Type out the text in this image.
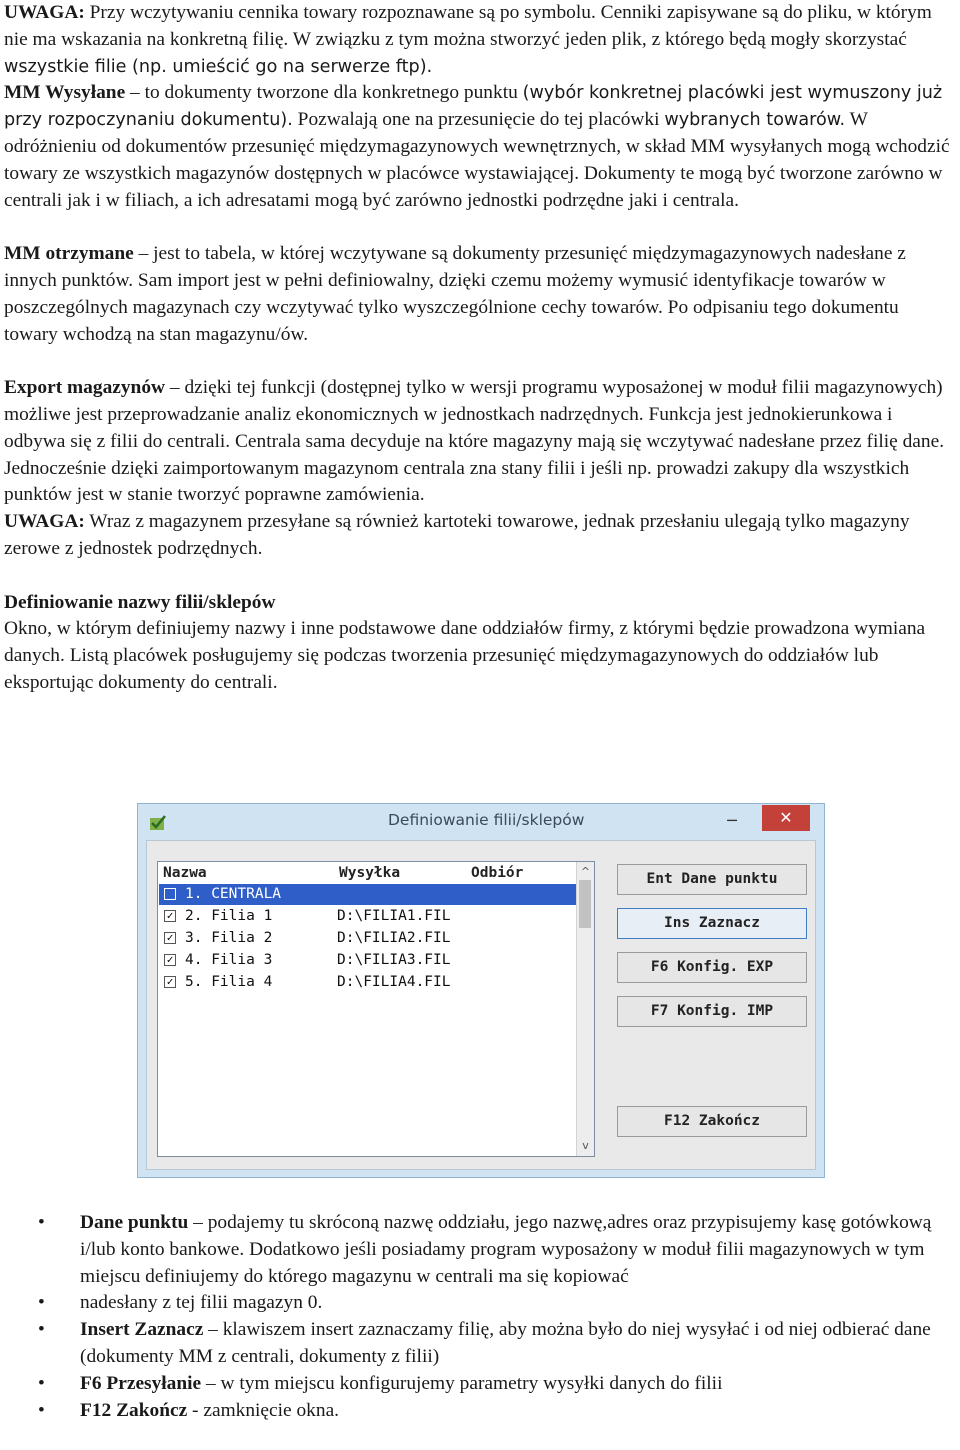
UWAGA: Przy wczytywaniu cennika towary rozpoznawane są po symbolu. Cenniki zapisywane są do pliku, w którym nie ma wskazania na konkretną filię. W związku z tym można stworzyć jeden plik, z którego będą mogły skorzystać wszystkie filie (np. umieścić go na serwerze ftp).
MM Wysyłane – to dokumenty tworzone dla konkretnego punktu (wybór konkretnej placówki jest wymuszony już przy rozpoczynaniu dokumentu). Pozwalają one na przesunięcie do tej placówki wybranych towarów. W odróżnieniu od dokumentów przesunięć międzymagazynowych wewnętrznych, w skład MM wysyłanych mogą wchodzić towary ze wszystkich magazynów dostępnych w placówce wystawiającej. Dokumenty te mogą być tworzone zarówno w centrali jak i w filiach, a ich adresatami mogą być zarówno jednostki podrzędne jaki i centrala.

MM otrzymane – jest to tabela, w której wczytywane są dokumenty przesunięć międzymagazynowych nadesłane z innych punktów. Sam import jest w pełni definiowalny, dzięki czemu możemy wymusić identyfikacje towarów w poszczególnych magazynach czy wczytywać tylko wyszczególnione cechy towarów. Po odpisaniu tego dokumentu towary wchodzą na stan magazynu/ów.

Export magazynów – dzięki tej funkcji (dostępnej tylko w wersji programu wyposażonej w moduł filii magazynowych) możliwe jest przeprowadzanie analiz ekonomicznych w jednostkach nadrzędnych. Funkcja jest jednokierunkowa i odbywa się z filii do centrali. Centrala sama decyduje na które magazyny mają się wczytywać nadesłane przez filię dane. Jednocześnie dzięki zaimportowanym magazynom centrala zna stany filii i jeśli np. prowadzi zakupy dla wszystkich punktów jest w stanie tworzyć poprawne zamówienia.
UWAGA: Wraz z magazynem przesyłane są również kartoteki towarowe, jednak przesłaniu ulegają tylko magazyny zerowe z jednostek podrzędnych.

Definiowanie nazwy filii/sklepów
Okno, w którym definiujemy nazwy i inne podstawowe dane oddziałów firmy, z którymi będzie prowadzona wymiana danych. Listą placówek posługujemy się podczas tworzenia przesunięć międzymagazynowych do oddziałów lub eksportując dokumenty do centrali.

Definiowanie filii/sklepów	─	✕
Nazwa	Wysyłka	Odbiór
1. CENTRALA
✓ 2. Filia 1	D:\FILIA1.FIL
✓ 3. Filia 2	D:\FILIA2.FIL
✓ 4. Filia 3	D:\FILIA3.FIL
✓ 5. Filia 4	D:\FILIA4.FIL
^
v
Ent Dane punktu
Ins Zaznacz
F6 Konfig. EXP
F7 Konfig. IMP
F12 Zakończ
• Dane punktu – podajemy tu skróconą nazwę oddziału, jego nazwę,adres oraz przypisujemy kasę gotówkową i/lub konto bankowe. Dodatkowo jeśli posiadamy program wyposażony w moduł filii magazynowych w tym miejscu definiujemy do którego magazynu w centrali ma się kopiować
• nadesłany z tej filii magazyn 0.
• Insert Zaznacz – klawiszem insert zaznaczamy filię, aby można było do niej wysyłać i od niej odbierać dane (dokumenty MM z centrali, dokumenty z filii)
• F6 Przesyłanie – w tym miejscu konfigurujemy parametry wysyłki danych do filii
• F12 Zakończ - zamknięcie okna.
